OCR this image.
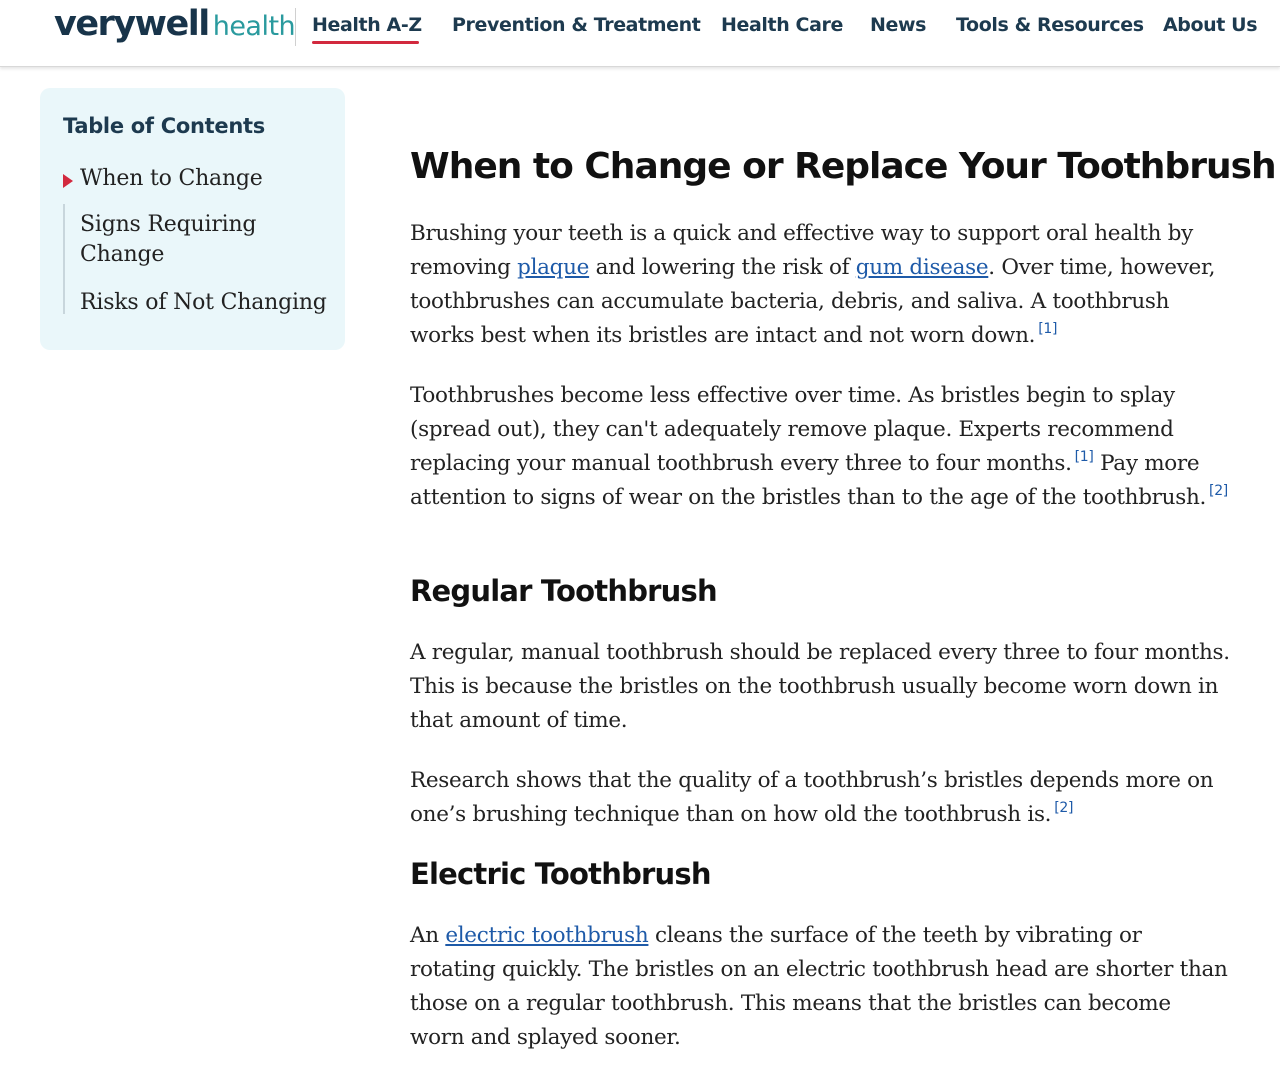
verywell health Health A-Z Prevention & Treatment Health Care News Tools & Resources About Us
Table of Contents
When to Change
Signs Requiring Change
Risks of Not Changing
When to Change or Replace Your Toothbrush

Brushing your teeth is a quick and effective way to support oral health by removing plaque and lowering the risk of gum disease. Over time, however, toothbrushes can accumulate bacteria, debris, and saliva. A toothbrush works best when its bristles are intact and not worn down. [1]

Toothbrushes become less effective over time. As bristles begin to splay (spread out), they can't adequately remove plaque. Experts recommend replacing your manual toothbrush every three to four months. [1] Pay more attention to signs of wear on the bristles than to the age of the toothbrush. [2]

Regular Toothbrush

A regular, manual toothbrush should be replaced every three to four months. This is because the bristles on the toothbrush usually become worn down in that amount of time.

Research shows that the quality of a toothbrush’s bristles depends more on one’s brushing technique than on how old the toothbrush is. [2]

Electric Toothbrush

An electric toothbrush cleans the surface of the teeth by vibrating or rotating quickly. The bristles on an electric toothbrush head are shorter than those on a regular toothbrush. This means that the bristles can become worn and splayed sooner.
